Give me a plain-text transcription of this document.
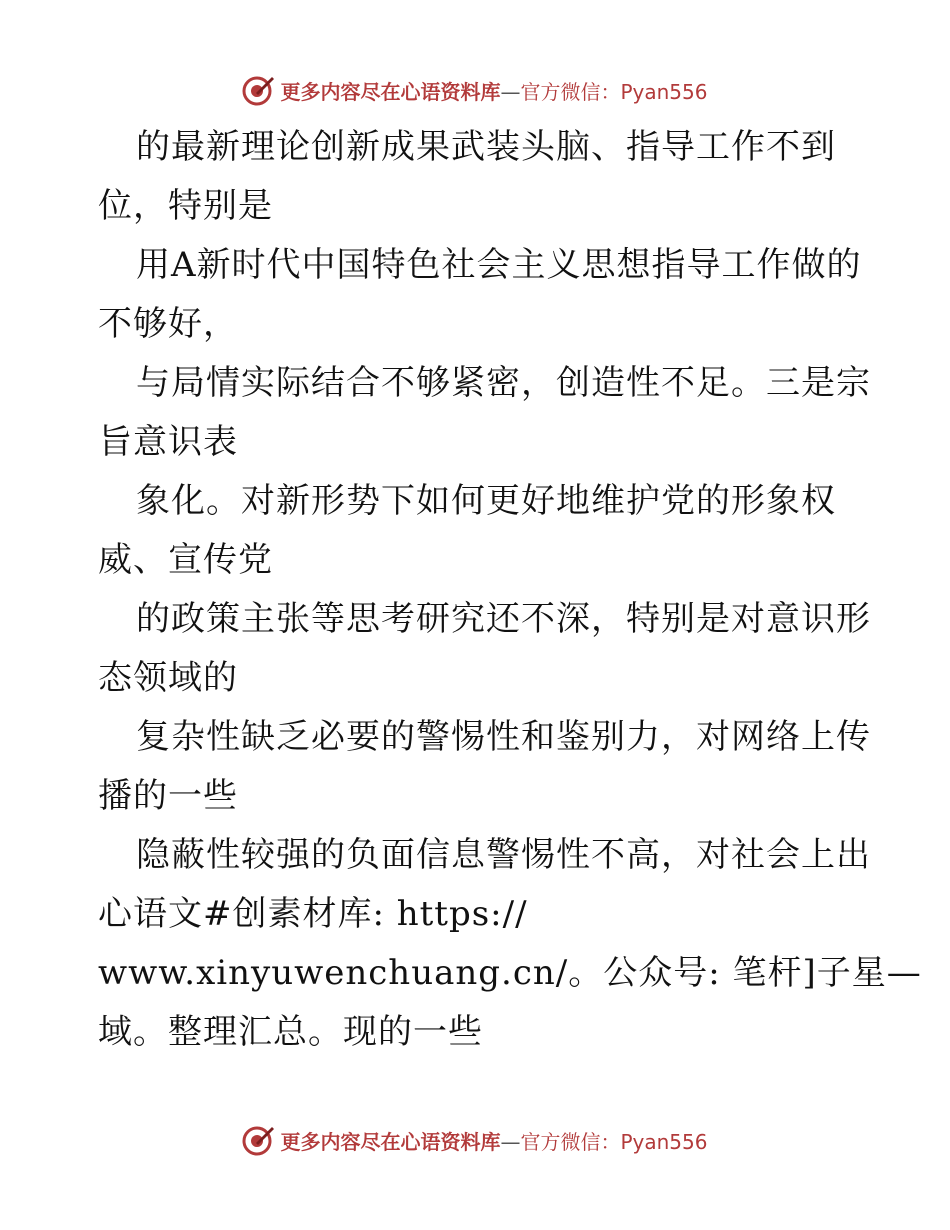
更多内容尽在心语资料库—官方微信：Pyan556
的最新理论创新成果武装头脑、指导工作不到
位，特别是
用A新时代中国特色社会主义思想指导工作做的
不够好，
与局情实际结合不够紧密，创造性不足。三是宗
旨意识表
象化。对新形势下如何更好地维护党的形象权
威、宣传党
的政策主张等思考研究还不深，特别是对意识形
态领域的
复杂性缺乏必要的警惕性和鉴别力，对网络上传
播的一些
隐蔽性较强的负面信息警惕性不高，对社会上出
心语文#创素材库: https://
www.xinyuwenchuang.cn/。公众号: 笔杆]子星—
域。整理汇总。现的一些
更多内容尽在心语资料库—官方微信：Pyan556
